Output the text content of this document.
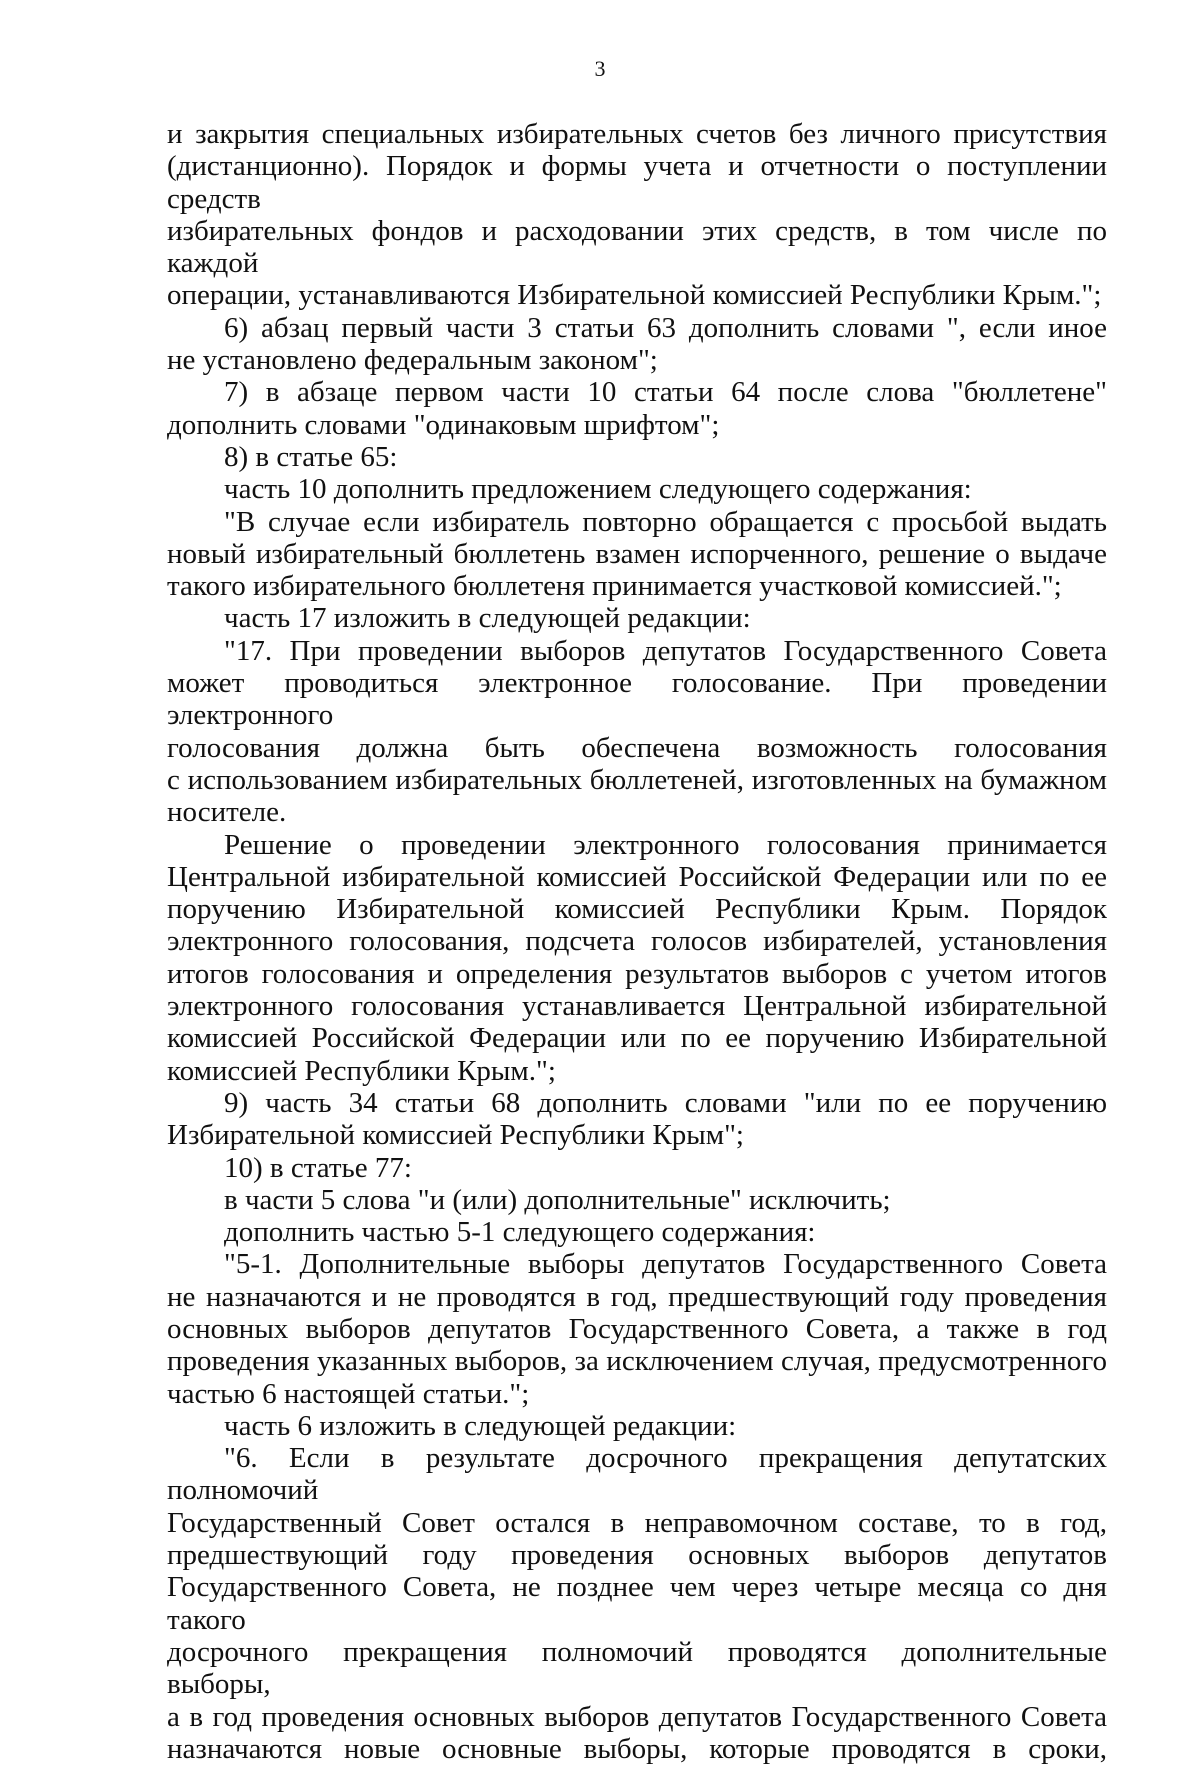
3

и закрытия специальных избирательных счетов без личного присутствия

(дистанционно). Порядок и формы учета и отчетности о поступлении средств

избирательных фондов и расходовании этих средств, в том числе по каждой

операции, устанавливаются Избирательной комиссией Республики Крым.";

6) абзац первый части 3 статьи 63 дополнить словами ", если иное

не установлено федеральным законом";

7) в абзаце первом части 10 статьи 64 после слова "бюллетене"

дополнить словами "одинаковым шрифтом";

8) в статье 65:

часть 10 дополнить предложением следующего содержания:

"В случае если избиратель повторно обращается с просьбой выдать

новый избирательный бюллетень взамен испорченного, решение о выдаче

такого избирательного бюллетеня принимается участковой комиссией.";

часть 17 изложить в следующей редакции:

"17. При проведении выборов депутатов Государственного Совета

может проводиться электронное голосование. При проведении электронного

голосования должна быть обеспечена возможность голосования

с использованием избирательных бюллетеней, изготовленных на бумажном

носителе.

Решение о проведении электронного голосования принимается

Центральной избирательной комиссией Российской Федерации или по ее

поручению Избирательной комиссией Республики Крым. Порядок

электронного голосования, подсчета голосов избирателей, установления

итогов голосования и определения результатов выборов с учетом итогов

электронного голосования устанавливается Центральной избирательной

комиссией Российской Федерации или по ее поручению Избирательной

комиссией Республики Крым.";

9) часть 34 статьи 68 дополнить словами "или по ее поручению

Избирательной комиссией Республики Крым";

10) в статье 77:

в части 5 слова "и (или) дополнительные" исключить;

дополнить частью 5-1 следующего содержания:

"5-1. Дополнительные выборы депутатов Государственного Совета

не назначаются и не проводятся в год, предшествующий году проведения

основных выборов депутатов Государственного Совета, а также в год

проведения указанных выборов, за исключением случая, предусмотренного

частью 6 настоящей статьи.";

часть 6 изложить в следующей редакции:

"6. Если в результате досрочного прекращения депутатских полномочий

Государственный Совет остался в неправомочном составе, то в год,

предшествующий году проведения основных выборов депутатов

Государственного Совета, не позднее чем через четыре месяца со дня такого

досрочного прекращения полномочий проводятся дополнительные выборы,

а в год проведения основных выборов депутатов Государственного Совета

назначаются новые основные выборы, которые проводятся в сроки,
